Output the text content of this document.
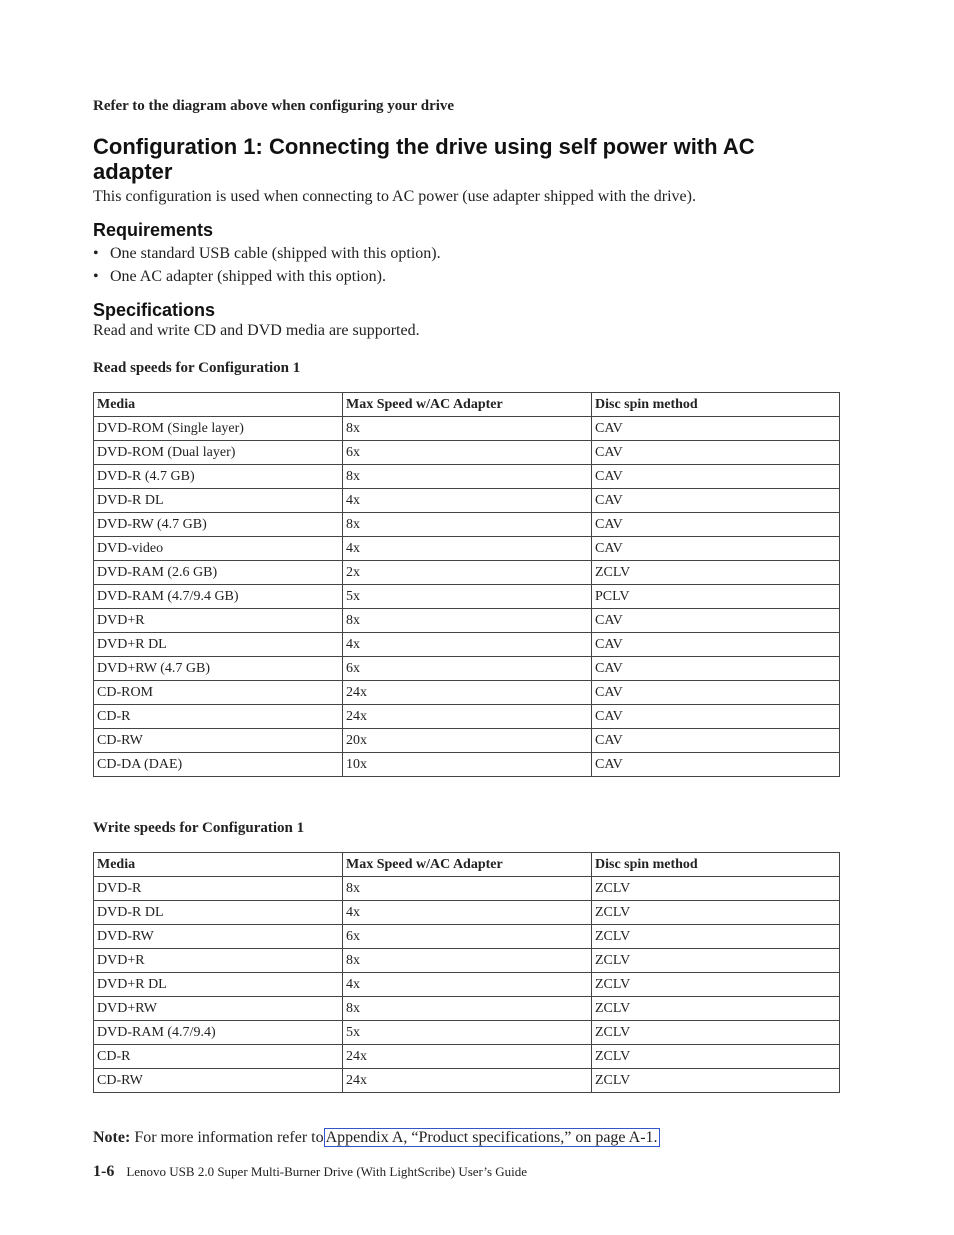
Refer to the diagram above when configuring your drive
Configuration 1: Connecting the drive using self power with AC adapter
This configuration is used when connecting to AC power (use adapter shipped with the drive).
Requirements
• One standard USB cable (shipped with this option).
• One AC adapter (shipped with this option).
Specifications
Read and write CD and DVD media are supported.
Read speeds for Configuration 1
Media	Max Speed w/AC Adapter	Disc spin method
DVD-ROM (Single layer)	8x	CAV
DVD-ROM (Dual layer)	6x	CAV
DVD-R (4.7 GB)	8x	CAV
DVD-R DL	4x	CAV
DVD-RW (4.7 GB)	8x	CAV
DVD-video	4x	CAV
DVD-RAM (2.6 GB)	2x	ZCLV
DVD-RAM (4.7/9.4 GB)	5x	PCLV
DVD+R	8x	CAV
DVD+R DL	4x	CAV
DVD+RW (4.7 GB)	6x	CAV
CD-ROM	24x	CAV
CD-R	24x	CAV
CD-RW	20x	CAV
CD-DA (DAE)	10x	CAV
Write speeds for Configuration 1
Media	Max Speed w/AC Adapter	Disc spin method
DVD-R	8x	ZCLV
DVD-R DL	4x	ZCLV
DVD-RW	6x	ZCLV
DVD+R	8x	ZCLV
DVD+R DL	4x	ZCLV
DVD+RW	8x	ZCLV
DVD-RAM (4.7/9.4)	5x	ZCLV
CD-R	24x	ZCLV
CD-RW	24x	ZCLV
Note: For more information refer to Appendix A, “Product specifications,” on page A-1.
1-6 Lenovo USB 2.0 Super Multi-Burner Drive (With LightScribe) User’s Guide
